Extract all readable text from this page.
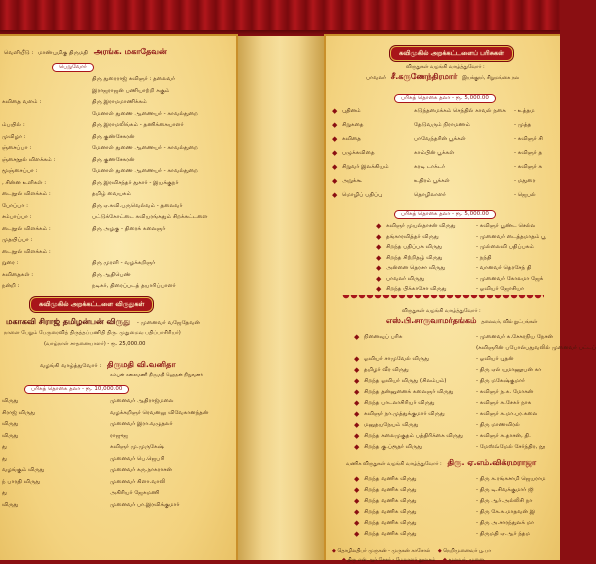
வெளியீடு : மாண்புமிகு திருமதி அரங்க. மகாதேவன்
பெறுவோர்
திரு துரைராஜ் கவிஞர் : தலைவர்
இராஜராஜன் பணியாற்றி சுகும்
கவிதை வளம் :	திரு இராமமாணிக்கம்
மேனாள் துணை ஆணையர் - காவல்துறை
ம்பயில் :	திரு இராமலிங்கம் - தணிக்கையாளர்
முவிழா :	திரு குண்சேகரன்
ஞ்சைப்பா :	மேனாள் துணை ஆணையர் - காவல்துறை
ஞ்சைநூல் விளக்கம் :	திரு குணசேகரன்
மூஞ்சைப்பா :	மேனாள் துணை ஆணையர் - காவல்துறை
, சின்ன உளிகள் :	திரு இரவிசந்தர் துகார் - இயக்குநர்
டைநூல் விளக்கம் :	தமிழ் வையகம்
போப்பா :	திரு ஏ.கவி.பருவெல்வம் - தலைவர்
சம்பாப்பா :	பட்டுக்கோட்டை கவியரங்கதும் சிறக்கட்டளை
டைநூல் விளக்கம் :	திரு அழகு - திரைக் கலைஞர்
முதயிப்பா :
டைநூல் விளக்கம் :
றுரை :	திரு முரளி - வழக்கறிஞர்
கவிதைகள் :	திரு ஆதிபெண்
நன்றி :	நடிகர், திரைப்படத் தயாரிப்பாளர்
கவிமுகில் அறக்கட்டளை விருதுகள்
மகாகவி சிராஜ் தமிழன்பன் விருது - முனைவர் வஜேதேவன்
நாளை பேறும் பேருரைவித் திருத்தப்பணிதி திரு. முதுமைவ பதிப்பாசிரியர்)
(வாழ்நாள் சாதனையாளர்) - ரூ. 25,000.00
வழங்கி வாழ்த்துவோர் : திருமதி வி.வனிதா
கம்பன் கலைமணி திருமதி ஹெதன் நிறுவனர்
பரிசுத் தொகை தலா - ரூ. 10,000.00
விருது	முனைவர் ஆதிராஜ்மலை
சிராஜ் விருது	வழக்கறிஞர் ரெவனலு விவேகானந்தன்
விருது	முனைவர் இரா.வழுதலர்
விருது	ராஜுஜ
து	கவிஞர் மு.முருகேஷ்
து	முனைவர் பெ.ஜெபரி
வழங்கும் விருது	முனைவர் கரு.நாகராசன்
ந் பாரதி விருது	முனைவர் கிளா.வாலி
து	அகிரியர் ஜேசுமணி
விருது	முனைவர் பா.இரவிக்குமார்
கவிமுகில் அறக்கட்டளைப் பரிசுகள்
விருதுகள் வழங்கி வாழ்த்துவோர் :
பாவலர் சீ.கருணேந்திரமார் இயக்குநர், சிறுமங்கை நல
பரிசுத் தொகை தலா - ரூ. 5,000.00
◆ புதினம்	கடுந்தமைக்கம் செந்தில் காவல் நகை - உத்தம
◆ சிறுகதை	தேடுவரும் நிராமணம்	- முத்த
◆ கவிதை	பாவேந்தரின் பூக்கள்	- கவிஞர் சி
◆ பழுக்கவிதை	காம்பின் பூக்கள்	- கவிஞர் த
◆ சிறுவர் இலக்கியம்	கரடி டாக்டர்	- கவிஞர் க
◆ அறுக்கூ	உதிரம் பூக்கள்	- மதுரை
◆ மொழிப் பதிப்பு	தொழிலாளர்	- ஜெபல்
பரிசுத் தொகை தலா - ரூ. 5,000.00
◆ கவிஞர் முயல்தாசன் விருது	- கவிஞர் பூண்ட செல்ல
◆ தங்காரவித்தர் விருது	- முனைவர் டைத்தமாதம் பூ
◆ சிறந்த பதிப்பக விருது	- முல்லைவி பதிப்பகம்
◆ சிறந்த சிற்றிதழ் விருது	- நந்தி
◆ அன்னை தெரசா விருது	- வானவர் தெரசேந் தி
◆ பாவலர் விருது	- முனைவர் கோலமா ஜேக்
◆ சிறந்த பிக்காசோ விருது	- ஓவியர் ஜோசியா
விருதுகள் வழங்கி வாழ்த்துவோர் :
எஸ்.பி.சாருவாமர்தங்கம் தலைவர், வில் நுட்பங்கள்
◆ நினைவுப் பரிசு	- முனைவர் க.சேகரநிய நேசன்
(கவிஞரின் பபோல்பதுவலில் முனைவர் பட்டப்
◆ ஓவியர் சாமுவேல் விருது	- ஓவியர் புதன்
◆ தமிழர் வீர விருது	- திரு ஏல் யுமாணூபன் கா
◆ சிறந்த ஓவியர் விருது (சிலம்பம்)	- திரு மகேஷ்குமார்
◆ சிறந்த தன்னுனைக் கலைஞர் விருது	- கவிஞர் ந.க. மோகன்
◆ சிறந்த பாடலாசிரியர் விருது	- கவிஞர் சு.சேகர் நாக
◆ கவிஞர் நா.முத்துக்குமார் விருது	- கவிஞர் க.மா.பர.கலை
◆ மனுதயநேயம் விருது	- திரு மாணவிரல்
◆ சிறந்த கலைமுகுதம் பத்திரிக்கை விருது - கவிஞர் சு.தாசன், தி.
◆ சிறந்த கு.ப்ரூதர் விருது	- மேஸ்வ்மேல் சேர்ந்திர, நூ
வணிக விருதுகள் வழங்கி வாழ்த்துவோர் : திரு. ஏ.எம்.விக்ரமராஜா
◆ சிறந்த வணிக விருது	- திரு க.ரங்கசாமி ஜெயராம
◆ சிறந்த வணிக விருது	- திரு டி.சிவக்குமார் ஜி
◆ சிறந்த வணிக விருது	- திரு ஆர்.அல்லிசி நா
◆ சிறந்த வணிக விருது	- திரு கே.க.மாதவன் இ
◆ சிறந்த வணிக விருது	- திரு அ.சாரந்துலக் மா
◆ சிறந்த வணிக விருது	- திருமதி ஏ.ஆர் ந்தம
◆ தொழிலதிபர் முருகன் - முருகன் காசோல் ◆ நெறிமுனைவர் பூ.பா
◆ திரு என்.ஆர்.சேகர் - மேலாளர் நூலகம் ◆ மூலவர், முனை.
